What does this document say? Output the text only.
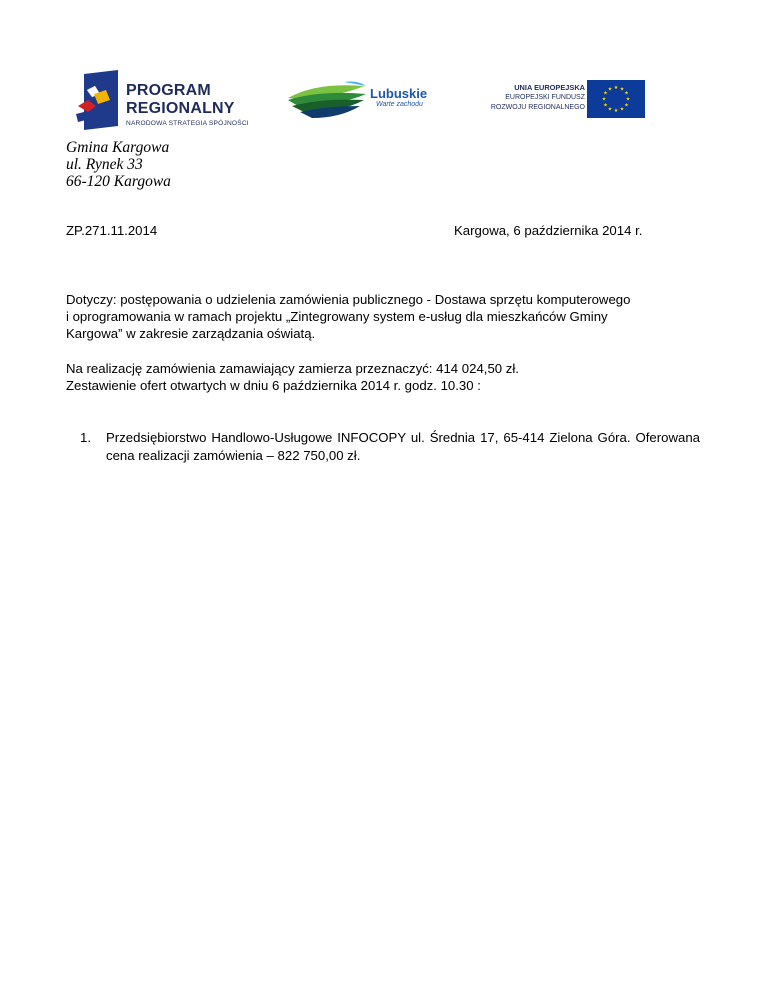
PROGRAM
REGIONALNY
NARODOWA STRATEGIA SPÓJNOŚCI
Lubuskie
Warte zachodu
UNIA EUROPEJSKA
EUROPEJSKI FUNDUSZ
ROZWOJU REGIONALNEGO
★ ★
★
★
★
★
★
★
★
★
★
★
Gmina Kargowa
ul. Rynek 33
66-120 Kargowa
ZP.271.11.2014	Kargowa, 6 października 2014 r.
Dotyczy: postępowania o udzielenia zamówienia publicznego - Dostawa sprzętu komputerowego
i oprogramowania w ramach projektu „Zintegrowany system e-usług dla mieszkańców Gminy
Kargowa” w zakresie zarządzania oświatą.
Na realizację zamówienia zamawiający zamierza przeznaczyć: 414 024,50 zł.
Zestawienie ofert otwartych w dniu 6 października 2014 r. godz. 10.30 :
1. Przedsiębiorstwo Handlowo-Usługowe INFOCOPY ul. Średnia 17, 65-414 Zielona Góra. Oferowana cena realizacji zamówienia – 822 750,00 zł.
